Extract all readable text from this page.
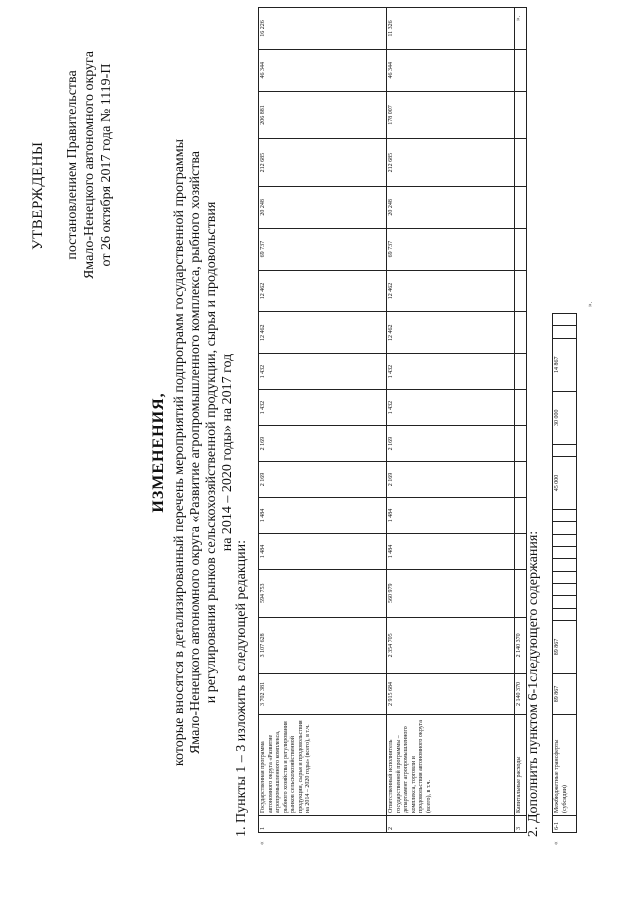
УТВЕРЖДЕНЫ постановлением Правительства Ямало-Ненецкого автономного округа от 26 октября 2017 года № 1119-П
ИЗМЕНЕНИЯ, которые вносятся в детализированный перечень мероприятий подпрограмм государственной программы Ямало-Ненецкого автономного округа «Развитие агропромышленного комплекса, рыбного хозяйства и регулирования рынков сельскохозяйственной продукции, сырья и продовольствия на 2014 – 2020 годы» на 2017 год
1. Пункты 1 – 3 изложить в следующей редакции:
«
1	Государственная программа автономного округа «Развитие агропромышленного комплекса, рыбного хозяйства и регулирования рынков сельскохозяйственной продукции, сырья и продовольствия на 2014 – 2020 годы» (всего), в т.ч.	3 702 381	3 107 628	594 753	1 484	1 484	2 169	2 169	1 432	1 432	12 462	12 462	69 737	20 248	212 685	206 881	46 344	16 226
2	Ответственный исполнитель государственной программы – департамент агропромышленного комплекса, торговли и продовольствия автономного округа (всего), в т.ч.	2 915 684	2 354 705	560 979	1 484	1 484	2 169	2 169	1 432	1 432	12 462	12 462	69 737	20 248	212 685	178 007	46 344	11 326
3	Капитальные расходы	2 140 370	2 140 370															
».
2. Дополнить пунктом 6-1следующего содержания:
«
6-1	Межбюджетные трансферты (субсидии)	89 867	89 867										45 000		30 000	14 867		
».
